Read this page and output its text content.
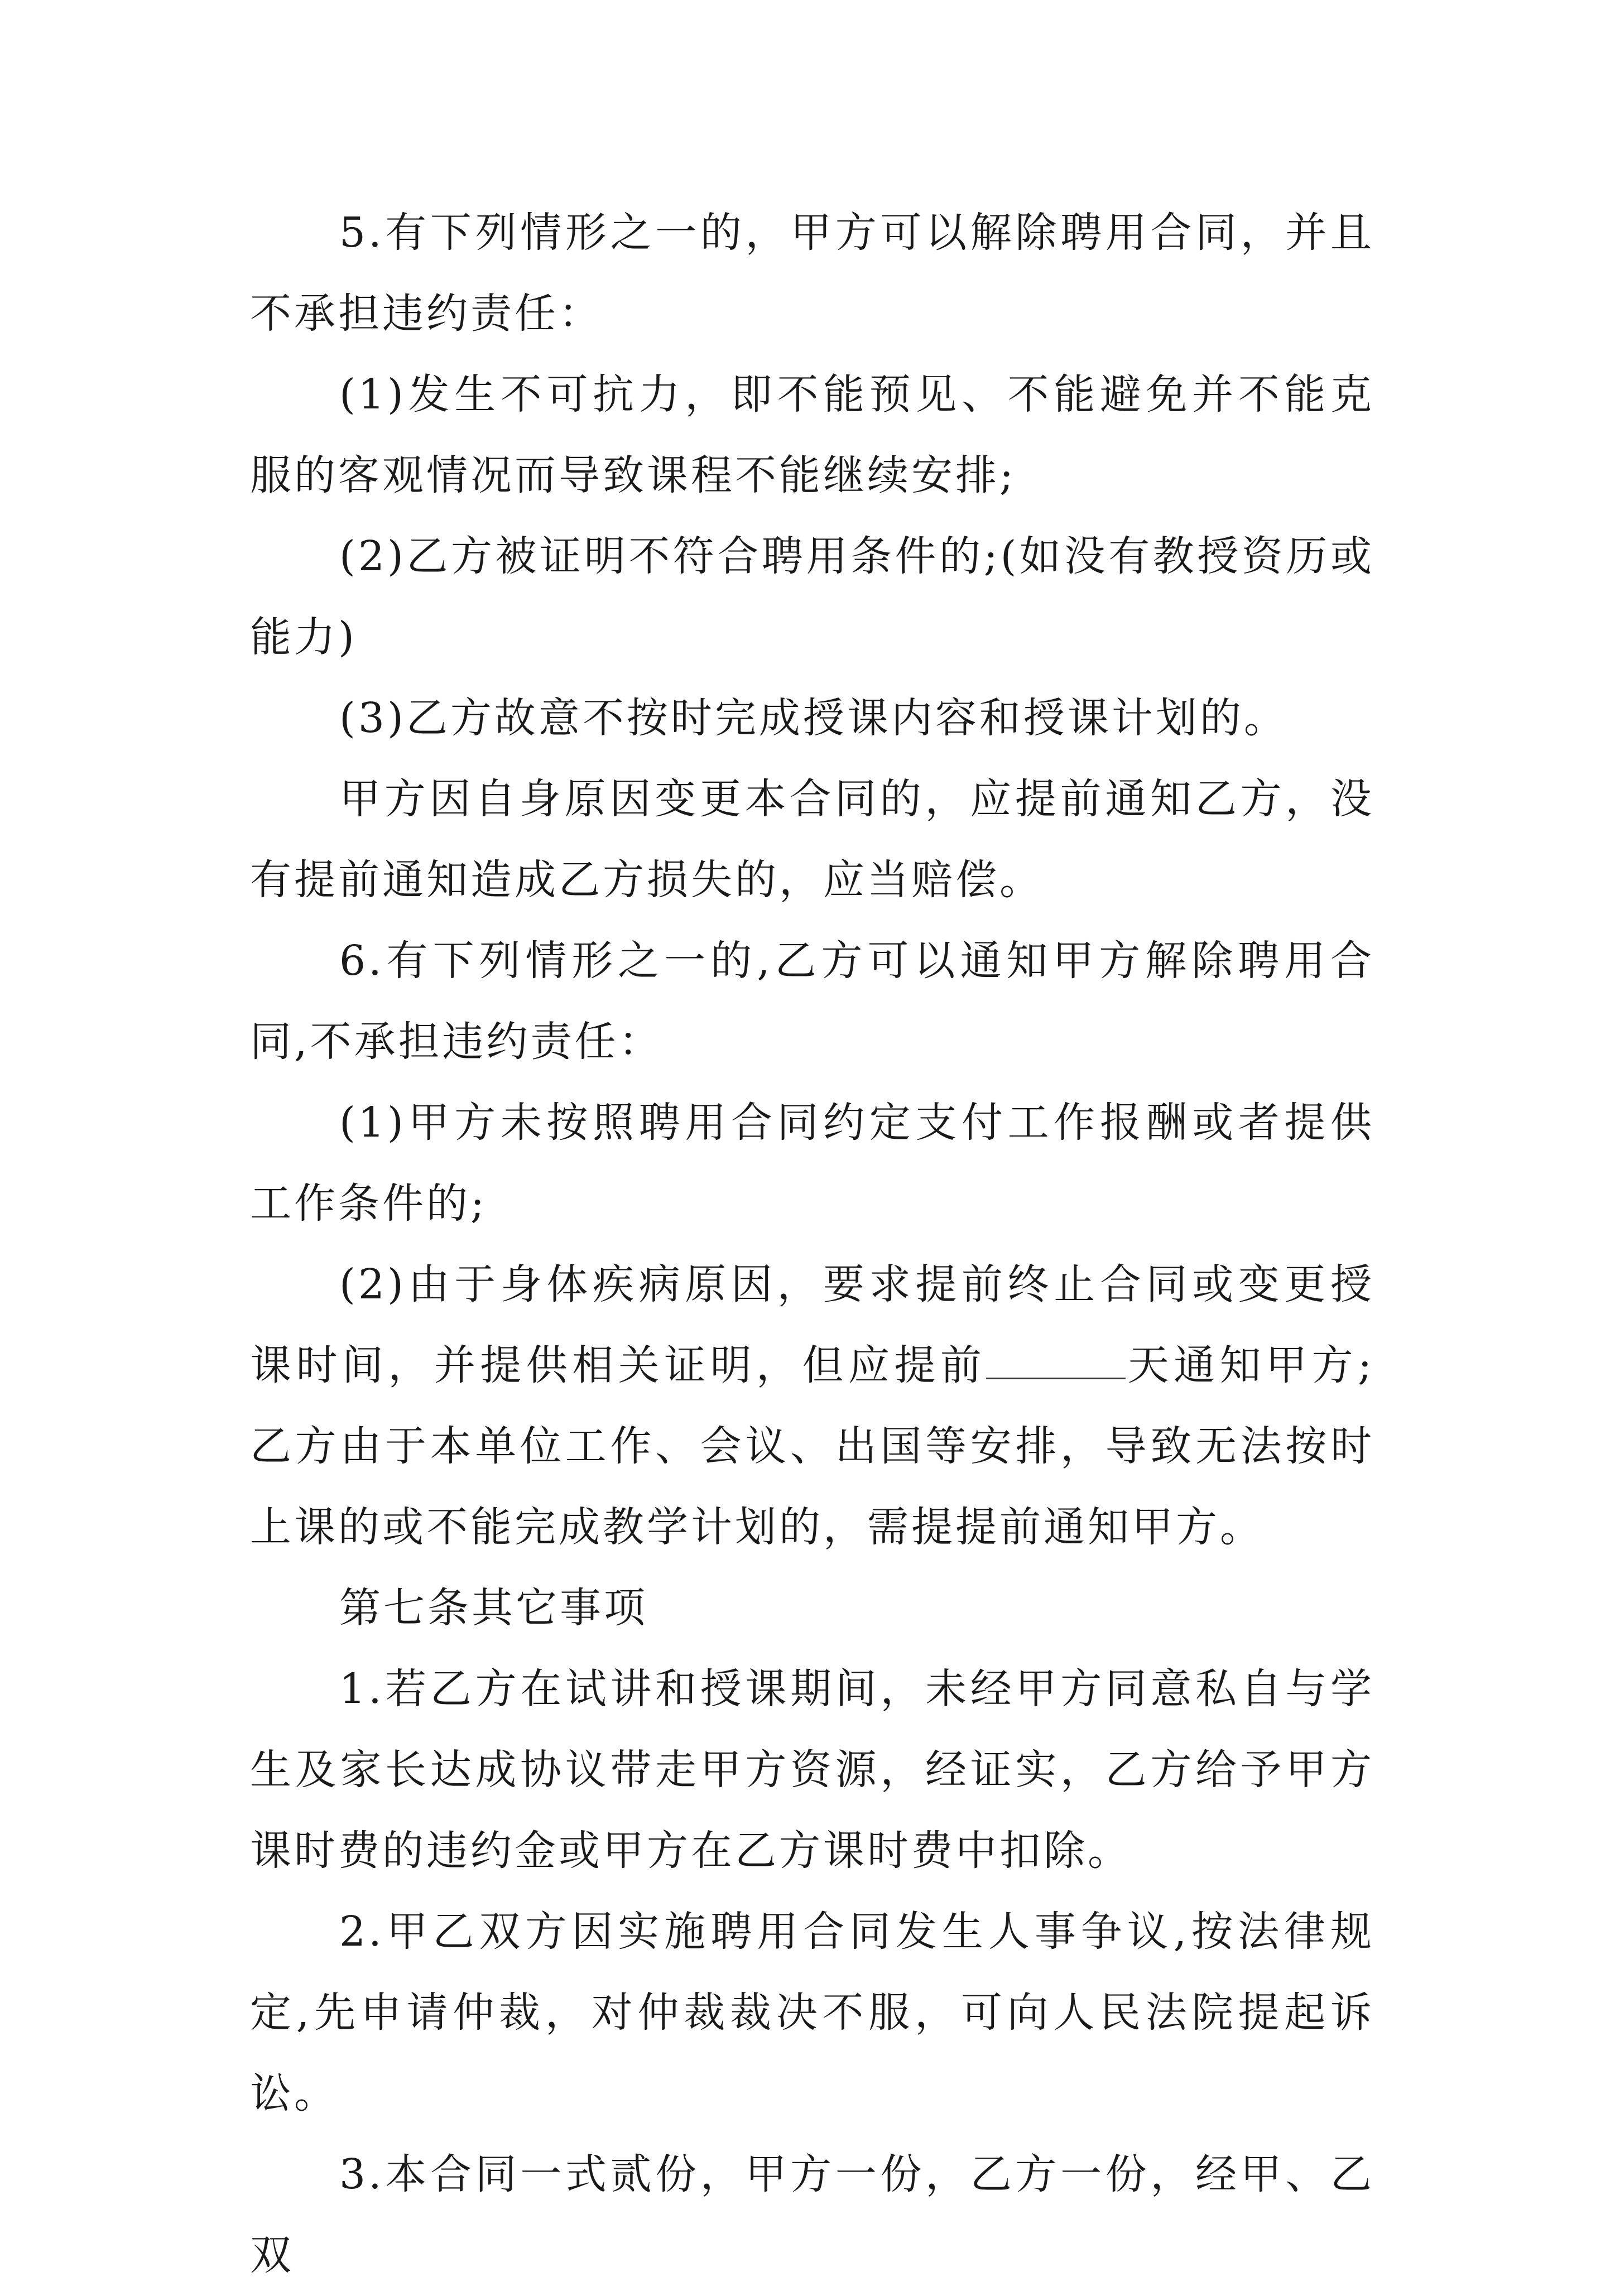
5.有下列情形之一的，甲方可以解除聘用合同，并且不承担违约责任：

(1)发生不可抗力，即不能预见、不能避免并不能克服的客观情况而导致课程不能继续安排;

(2)乙方被证明不符合聘用条件的;(如没有教授资历或能力)

(3)乙方故意不按时完成授课内容和授课计划的。

甲方因自身原因变更本合同的，应提前通知乙方，没有提前通知造成乙方损失的，应当赔偿。

6.有下列情形之一的,乙方可以通知甲方解除聘用合同,不承担违约责任：

(1)甲方未按照聘用合同约定支付工作报酬或者提供工作条件的;

(2)由于身体疾病原因，要求提前终止合同或变更授课时间，并提供相关证明，但应提前	天通知甲方;乙方由于本单位工作、会议、出国等安排，导致无法按时上课的或不能完成教学计划的，需提提前通知甲方。

第七条其它事项

1.若乙方在试讲和授课期间，未经甲方同意私自与学生及家长达成协议带走甲方资源，经证实，乙方给予甲方课时费的违约金或甲方在乙方课时费中扣除。

2.甲乙双方因实施聘用合同发生人事争议,按法律规定,先申请仲裁，对仲裁裁决不服，可向人民法院提起诉讼。

3.本合同一式贰份，甲方一份，乙方一份，经甲、乙双
